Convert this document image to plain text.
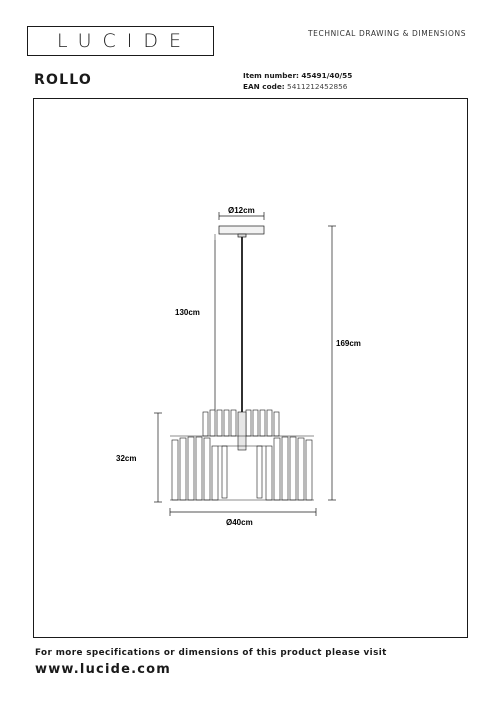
LUCIDE	TECHNICAL DRAWING & DIMENSIONS
ROLLO	Item number: 45491/40/55
EAN code: 5411212452856
Ø12cm
130cm
169cm
32cm
Ø40cm
For more specifications or dimensions of this product please visit
www.lucide.com
